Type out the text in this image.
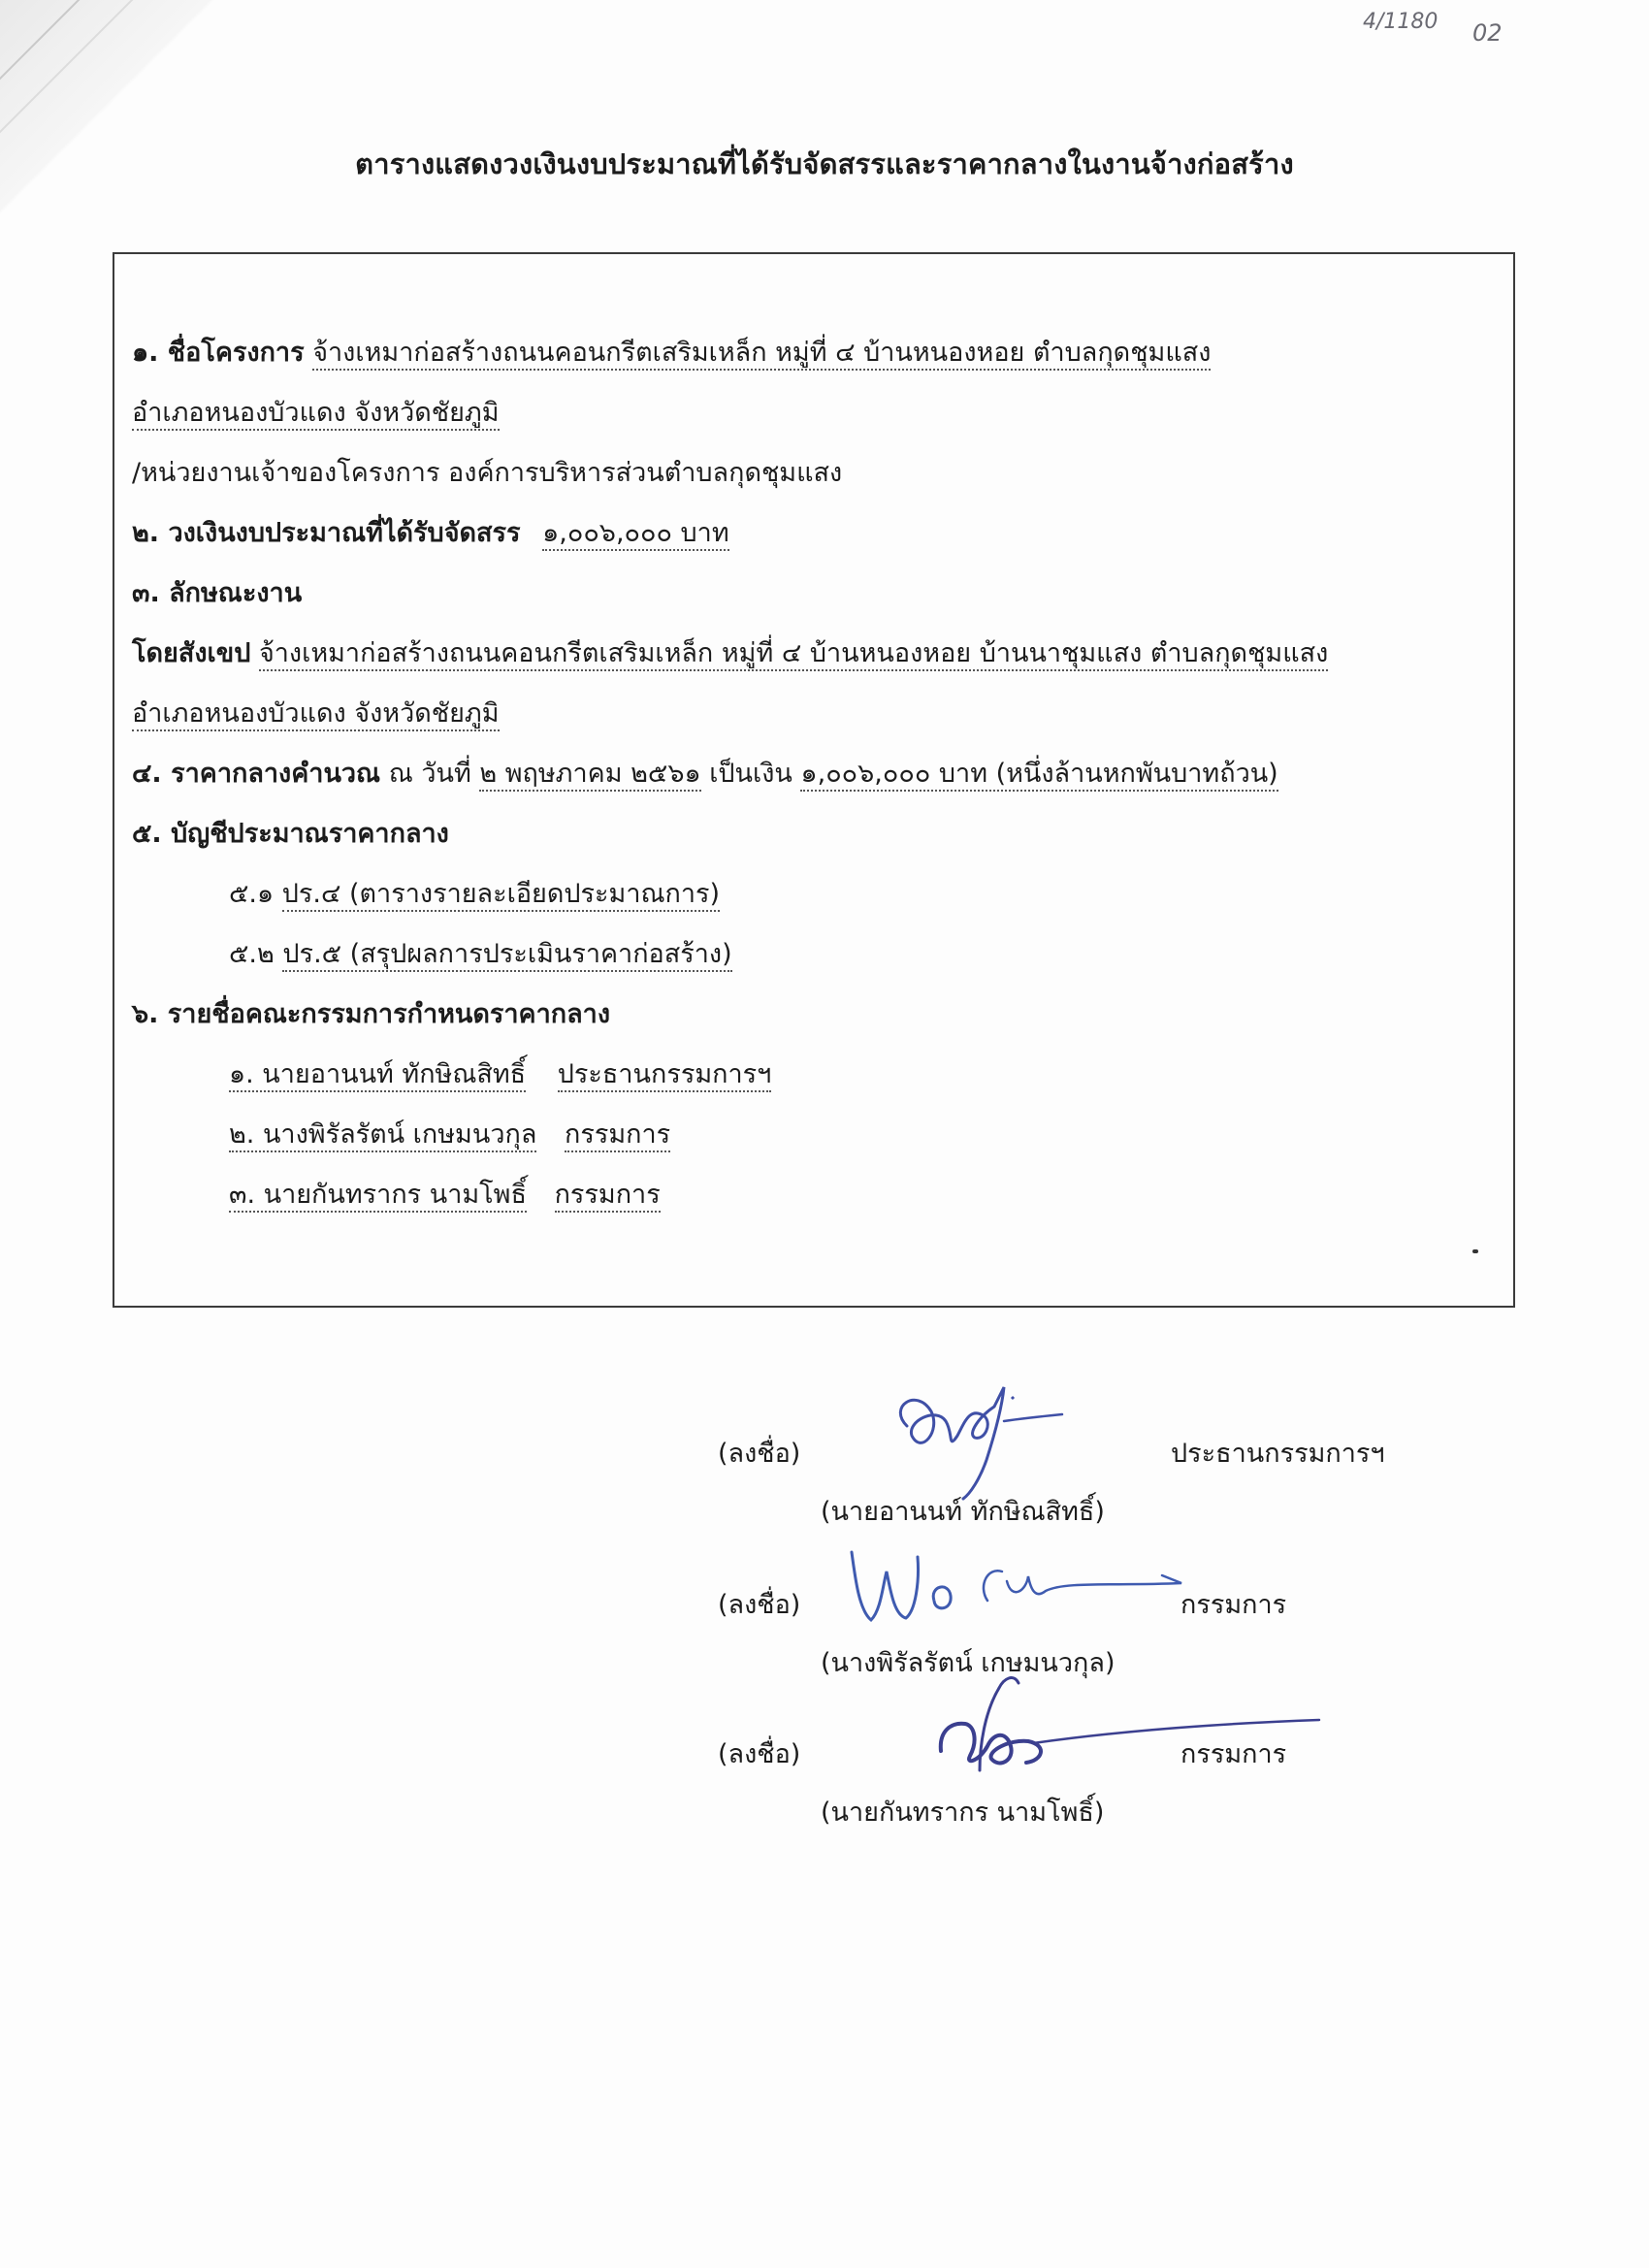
4/1180 02
ตารางแสดงวงเงินงบประมาณที่ได้รับจัดสรรและราคากลางในงานจ้างก่อสร้าง
๑. ชื่อโครงการ จ้างเหมาก่อสร้างถนนคอนกรีตเสริมเหล็ก หมู่ที่ ๔ บ้านหนองหอย ตำบลกุดชุมแสง
อำเภอหนองบัวแดง จังหวัดชัยภูมิ
/หน่วยงานเจ้าของโครงการ องค์การบริหารส่วนตำบลกุดชุมแสง
๒. วงเงินงบประมาณที่ได้รับจัดสรร ๑,๐๐๖,๐๐๐ บาท
๓. ลักษณะงาน
โดยสังเขป จ้างเหมาก่อสร้างถนนคอนกรีตเสริมเหล็ก หมู่ที่ ๔ บ้านหนองหอย บ้านนาชุมแสง ตำบลกุดชุมแสง
อำเภอหนองบัวแดง จังหวัดชัยภูมิ
๔. ราคากลางคำนวณ ณ วันที่ ๒ พฤษภาคม ๒๕๖๑ เป็นเงิน ๑,๐๐๖,๐๐๐ บาท (หนึ่งล้านหกพันบาทถ้วน)
๕. บัญชีประมาณราคากลาง
๕.๑ ปร.๔ (ตารางรายละเอียดประมาณการ)
๕.๒ ปร.๕ (สรุปผลการประเมินราคาก่อสร้าง)
๖. รายชื่อคณะกรรมการกำหนดราคากลาง
๑. นายอานนท์ ทักษิณสิทธิ์ ประธานกรรมการฯ
๒. นางพิรัลรัตน์ เกษมนวกุล กรรมการ
๓. นายกันทรากร นามโพธิ์ กรรมการ
(ลงชื่อ)	ประธานกรรมการฯ
(นายอานนท์ ทักษิณสิทธิ์)
(ลงชื่อ)	กรรมการ
(นางพิรัลรัตน์ เกษมนวกุล)
(ลงชื่อ)	กรรมการ
(นายกันทรากร นามโพธิ์)
